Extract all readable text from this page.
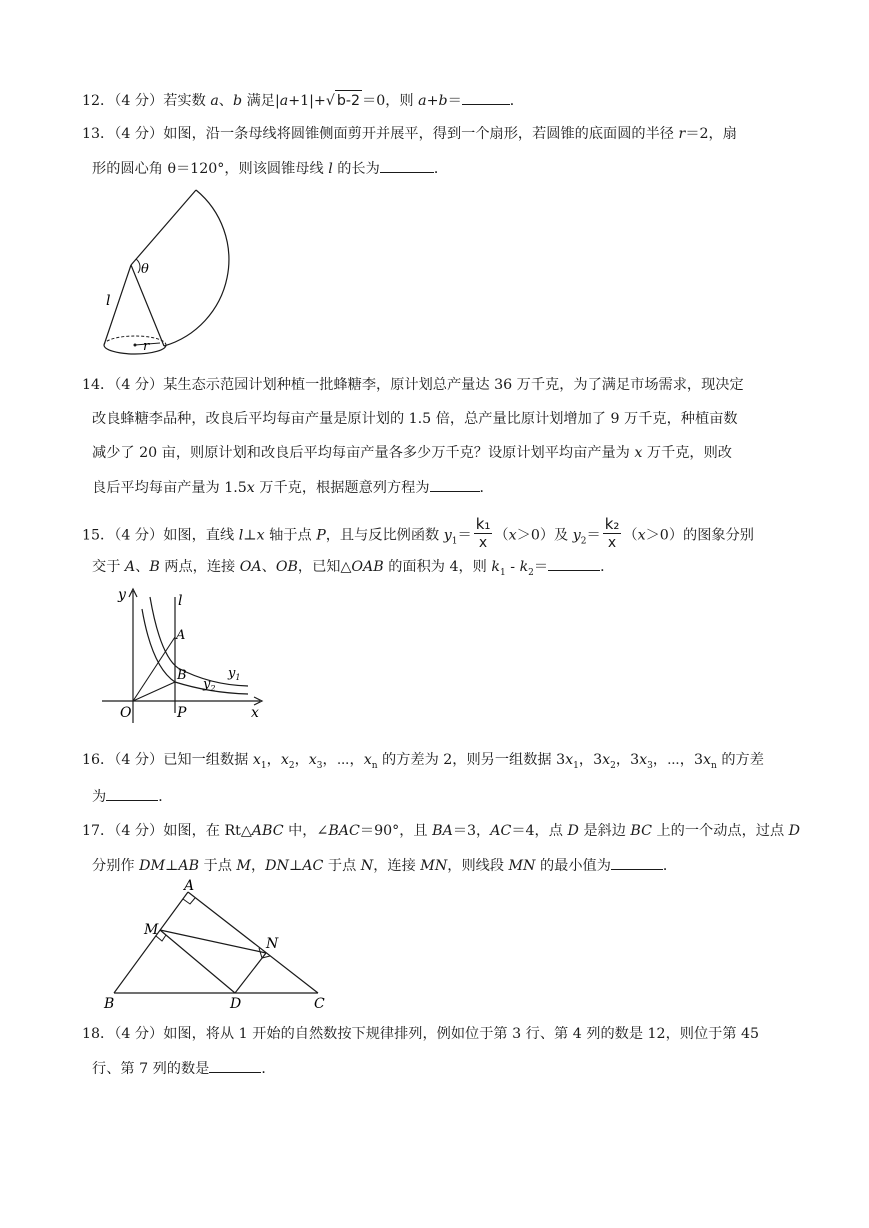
12．（4 分）若实数 a、b 满足|a+1|+√ b-2 ＝0，则 a+b＝	．
13．（4 分）如图，沿一条母线将圆锥侧面剪开并展平，得到一个扇形，若圆锥的底面圆的半径 r＝2，扇
形的圆心角 θ＝120°，则该圆锥母线 l 的长为	．
θ
l
r
14．（4 分）某生态示范园计划种植一批蜂糖李，原计划总产量达 36 万千克，为了满足市场需求，现决定
改良蜂糖李品种，改良后平均每亩产量是原计划的 1.5 倍，总产量比原计划增加了 9 万千克，种植亩数
减少了 20 亩，则原计划和改良后平均每亩产量各多少万千克？设原计划平均亩产量为 x 万千克，则改
良后平均每亩产量为 1.5x 万千克，根据题意列方程为	．
15．（4 分）如图，直线 l⊥x 轴于点 P，且与反比例函数 $y_1= \frac{\text{k₁}}{x} (x>0)$及 $y_2= \frac{\text{k₂}}{x} (x>0)$的图象分别
交于 A、B 两点，连接 OA、OB，已知△OAB 的面积为 4，则 $k_1 - k_2=$	．
y	l
A
B	$y_1$
$y_2$
O	P	x
16．（4 分）已知一组数据 $x_1$，$x_2$，$x_3$，⋯，$x_n$ 的方差为 2，则另一组数据 $3x_1$，$3x_2$，$3x_3$，⋯，$3x_n$ 的方差
为	．
17．（4 分）如图，在 Rt△ABC 中，∠BAC＝90°，且 BA＝3，AC＝4，点 D 是斜边 BC 上的一个动点，过点 D
分别作 DM⊥AB 于点 M，DN⊥AC 于点 N，连接 MN，则线段 MN 的最小值为	．
A
M
N
B	D	C
18．（4 分）如图，将从 1 开始的自然数按下规律排列，例如位于第 3 行、第 4 列的数是 12，则位于第 45
行、第 7 列的数是	．
